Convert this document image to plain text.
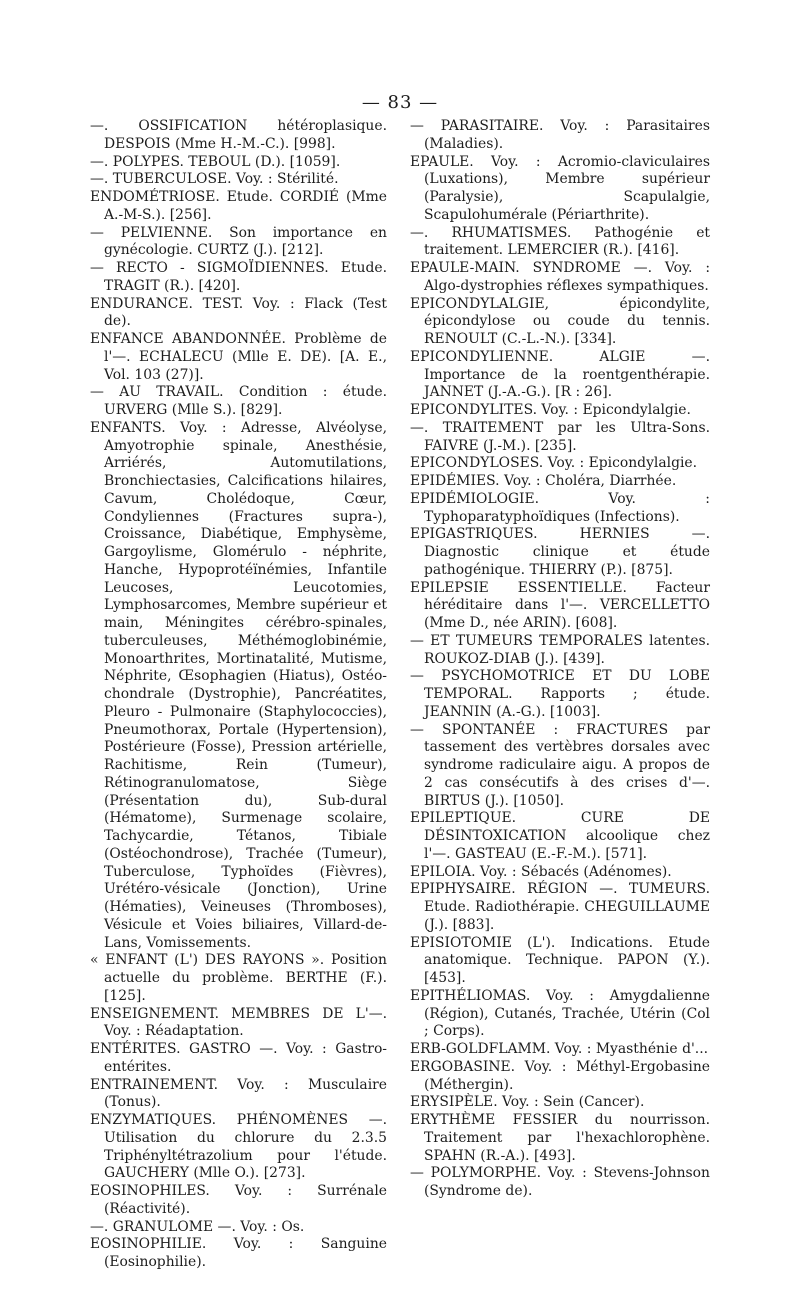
— 83 —

—. OSSIFICATION hétéroplasique. DESPOIS (Mme H.-M.-C.). [998].

—. POLYPES. TEBOUL (D.). [1059].

—. TUBERCULOSE. Voy. : Stérilité.

ENDOMÉTRIOSE. Etude. CORDIÉ (Mme A.-M-S.). [256].

— PELVIENNE. Son importance en gynécologie. CURTZ (J.). [212].

— RECTO - SIGMOÏDIENNES. Etude. TRAGIT (R.). [420].

ENDURANCE. TEST. Voy. : Flack (Test de).

ENFANCE ABANDONNÉE. Problème de l'—. ECHALECU (Mlle E. DE). [A. E., Vol. 103 (27)].

— AU TRAVAIL. Condition : étude. URVERG (Mlle S.). [829].

ENFANTS. Voy. : Adresse, Alvéolyse, Amyotrophie spinale, Anesthésie, Arriérés, Automutilations, Bronchiectasies, Calcifications hilaires, Cavum, Cholédoque, Cœur, Condyliennes (Fractures supra-), Croissance, Diabétique, Emphysème, Gargoylisme, Glomérulo - néphrite, Hanche, Hypoprotéïnémies, Infantile Leucoses, Leucotomies, Lymphosarcomes, Membre supérieur et main, Méningites cérébro-spinales, tuberculeuses, Méthémoglobinémie, Monoarthrites, Mortinatalité, Mutisme, Néphrite, Œsophagien (Hiatus), Ostéo-chondrale (Dystrophie), Pancréatites, Pleuro - Pulmonaire (Staphylococcies), Pneumothorax, Portale (Hypertension), Postérieure (Fosse), Pression artérielle, Rachitisme, Rein (Tumeur), Rétinogranulomatose, Siège (Présentation du), Sub-dural (Hématome), Surmenage scolaire, Tachycardie, Tétanos, Tibiale (Ostéochondrose), Trachée (Tumeur), Tuberculose, Typhoïdes (Fièvres), Urétéro-vésicale (Jonction), Urine (Hématies), Veineuses (Thromboses), Vésicule et Voies biliaires, Villard-de-Lans, Vomissements.

« ENFANT (L') DES RAYONS ». Position actuelle du problème. BERTHE (F.). [125].

ENSEIGNEMENT. MEMBRES DE L'—. Voy. : Réadaptation.

ENTÉRITES. GASTRO —. Voy. : Gastro-entérites.

ENTRAINEMENT. Voy. : Musculaire (Tonus).

ENZYMATIQUES. PHÉNOMÈNES —. Utilisation du chlorure du 2.3.5 Triphényltétrazolium pour l'étude. GAUCHERY (Mlle O.). [273].

EOSINOPHILES. Voy. : Surrénale (Réactivité).

—. GRANULOME —. Voy. : Os.

EOSINOPHILIE. Voy. : Sanguine (Eosinophilie).

— PARASITAIRE. Voy. : Parasitaires (Maladies).

EPAULE. Voy. : Acromio-claviculaires (Luxations), Membre supérieur (Paralysie), Scapulalgie, Scapulohumérale (Périarthrite).

—. RHUMATISMES. Pathogénie et traitement. LEMERCIER (R.). [416].

EPAULE-MAIN. SYNDROME —. Voy. : Algo-dystrophies réflexes sympathiques.

EPICONDYLALGIE, épicondylite, épicondylose ou coude du tennis. RENOULT (C.-L.-N.). [334].

EPICONDYLIENNE. ALGIE —. Importance de la roentgenthérapie. JANNET (J.-A.-G.). [R : 26].

EPICONDYLITES. Voy. : Epicondylalgie.

—. TRAITEMENT par les Ultra-Sons. FAIVRE (J.-M.). [235].

EPICONDYLOSES. Voy. : Epicondylalgie.

EPIDÉMIES. Voy. : Choléra, Diarrhée.

EPIDÉMIOLOGIE. Voy. : Typhoparatyphoïdiques (Infections).

EPIGASTRIQUES. HERNIES —. Diagnostic clinique et étude pathogénique. THIERRY (P.). [875].

EPILEPSIE ESSENTIELLE. Facteur héréditaire dans l'—. VERCELLETTO (Mme D., née ARIN). [608].

— ET TUMEURS TEMPORALES latentes. ROUKOZ-DIAB (J.). [439].

— PSYCHOMOTRICE ET DU LOBE TEMPORAL. Rapports ; étude. JEANNIN (A.-G.). [1003].

— SPONTANÉE : FRACTURES par tassement des vertèbres dorsales avec syndrome radiculaire aigu. A propos de 2 cas consécutifs à des crises d'—. BIRTUS (J.). [1050].

EPILEPTIQUE. CURE DE DÉSINTOXICATION alcoolique chez l'—. GASTEAU (E.-F.-M.). [571].

EPILOIA. Voy. : Sébacés (Adénomes).

EPIPHYSAIRE. RÉGION —. TUMEURS. Etude. Radiothérapie. CHEGUILLAUME (J.). [883].

EPISIOTOMIE (L'). Indications. Etude anatomique. Technique. PAPON (Y.). [453].

EPITHÉLIOMAS. Voy. : Amygdalienne (Région), Cutanés, Trachée, Utérin (Col ; Corps).

ERB-GOLDFLAMM. Voy. : Myasthénie d'...

ERGOBASINE. Voy. : Méthyl-Ergobasine (Méthergin).

ERYSIPÈLE. Voy. : Sein (Cancer).

ERYTHÈME FESSIER du nourrisson. Traitement par l'hexachlorophène. SPAHN (R.-A.). [493].

— POLYMORPHE. Voy. : Stevens-Johnson (Syndrome de).
